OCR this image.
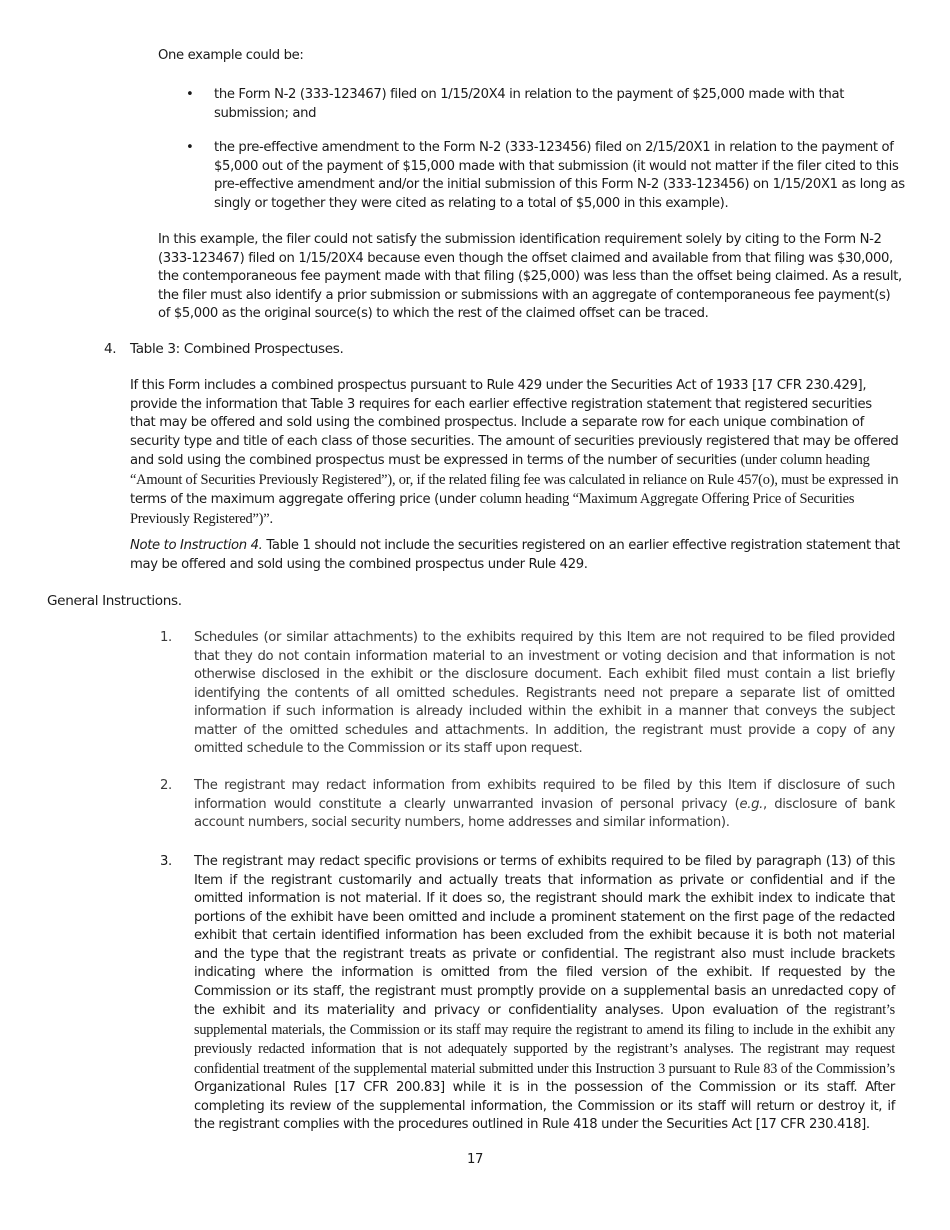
One example could be:

• the Form N-2 (333-123467) filed on 1/15/20X4 in relation to the payment of $25,000 made with that submission; and
• the pre-effective amendment to the Form N-2 (333-123456) filed on 2/15/20X1 in relation to the payment of $5,000 out of the payment of $15,000 made with that submission (it would not matter if the filer cited to this pre-effective amendment and/or the initial submission of this Form N-2 (333-123456) on 1/15/20X1 as long as singly or together they were cited as relating to a total of $5,000 in this example).

In this example, the filer could not satisfy the submission identification requirement solely by citing to the Form N-2 (333-123467) filed on 1/15/20X4 because even though the offset claimed and available from that filing was $30,000, the contemporaneous fee payment made with that filing ($25,000) was less than the offset being claimed. As a result, the filer must also identify a prior submission or submissions with an aggregate of contemporaneous fee payment(s) of $5,000 as the original source(s) to which the rest of the claimed offset can be traced.

4. Table 3: Combined Prospectuses.

If this Form includes a combined prospectus pursuant to Rule 429 under the Securities Act of 1933 [17 CFR 230.429], provide the information that Table 3 requires for each earlier effective registration statement that registered securities that may be offered and sold using the combined prospectus. Include a separate row for each unique combination of security type and title of each class of those securities. The amount of securities previously registered that may be offered and sold using the combined prospectus must be expressed in terms of the number of securities (under column heading “Amount of Securities Previously Registered”), or, if the related filing fee was calculated in reliance on Rule 457(o), must be expressed in terms of the maximum aggregate offering price (under column heading “Maximum Aggregate Offering Price of Securities Previously Registered”)”.

Note to Instruction 4. Table 1 should not include the securities registered on an earlier effective registration statement that may be offered and sold using the combined prospectus under Rule 429.

General Instructions.
1. Schedules (or similar attachments) to the exhibits required by this Item are not required to be filed provided that they do not contain information material to an investment or voting decision and that information is not otherwise disclosed in the exhibit or the disclosure document. Each exhibit filed must contain a list briefly identifying the contents of all omitted schedules. Registrants need not prepare a separate list of omitted information if such information is already included within the exhibit in a manner that conveys the subject matter of the omitted schedules and attachments. In addition, the registrant must provide a copy of any omitted schedule to the Commission or its staff upon request.

2. The registrant may redact information from exhibits required to be filed by this Item if disclosure of such information would constitute a clearly unwarranted invasion of personal privacy (e.g., disclosure of bank account numbers, social security numbers, home addresses and similar information).

3. The registrant may redact specific provisions or terms of exhibits required to be filed by paragraph (13) of this Item if the registrant customarily and actually treats that information as private or confidential and if the omitted information is not material. If it does so, the registrant should mark the exhibit index to indicate that portions of the exhibit have been omitted and include a prominent statement on the first page of the redacted exhibit that certain identified information has been excluded from the exhibit because it is both not material and the type that the registrant treats as private or confidential. The registrant also must include brackets indicating where the information is omitted from the filed version of the exhibit. If requested by the Commission or its staff, the registrant must promptly provide on a supplemental basis an unredacted copy of the exhibit and its materiality and privacy or confidentiality analyses. Upon evaluation of the registrant’s supplemental materials, the Commission or its staff may require the registrant to amend its filing to include in the exhibit any previously redacted information that is not adequately supported by the registrant’s analyses. The registrant may request confidential treatment of the supplemental material submitted under this Instruction 3 pursuant to Rule 83 of the Commission’s Organizational Rules [17 CFR 200.83] while it is in the possession of the Commission or its staff. After completing its review of the supplemental information, the Commission or its staff will return or destroy it, if the registrant complies with the procedures outlined in Rule 418 under the Securities Act [17 CFR 230.418].

17
